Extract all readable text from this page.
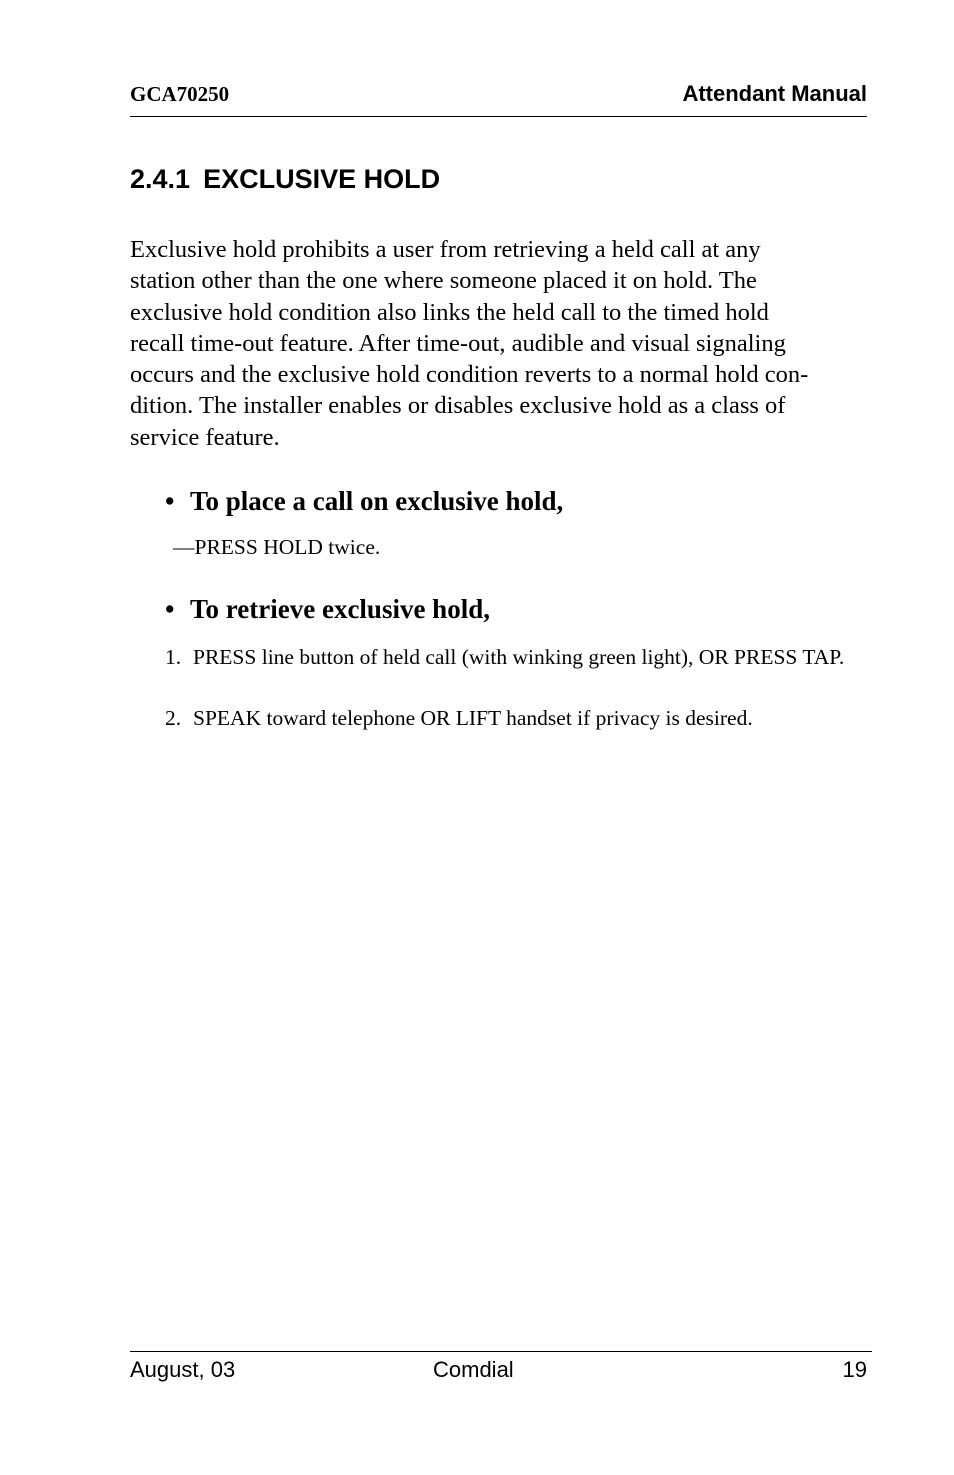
GCA70250	Attendant Manual
2.4.1 EXCLUSIVE HOLD

Exclusive hold prohibits a user from retrieving a held call at any
station other than the one where someone placed it on hold. The
exclusive hold condition also links the held call to the timed hold
recall time-out feature. After time-out, audible and visual signaling
occurs and the exclusive hold condition reverts to a normal hold con-
dition. The installer enables or disables exclusive hold as a class of
service feature.

• To place a call on exclusive hold,
—PRESS HOLD twice.
• To retrieve exclusive hold,
1. PRESS line button of held call (with winking green light), OR PRESS TAP.
2. SPEAK toward telephone OR LIFT handset if privacy is desired.
August, 03	Comdial	19
